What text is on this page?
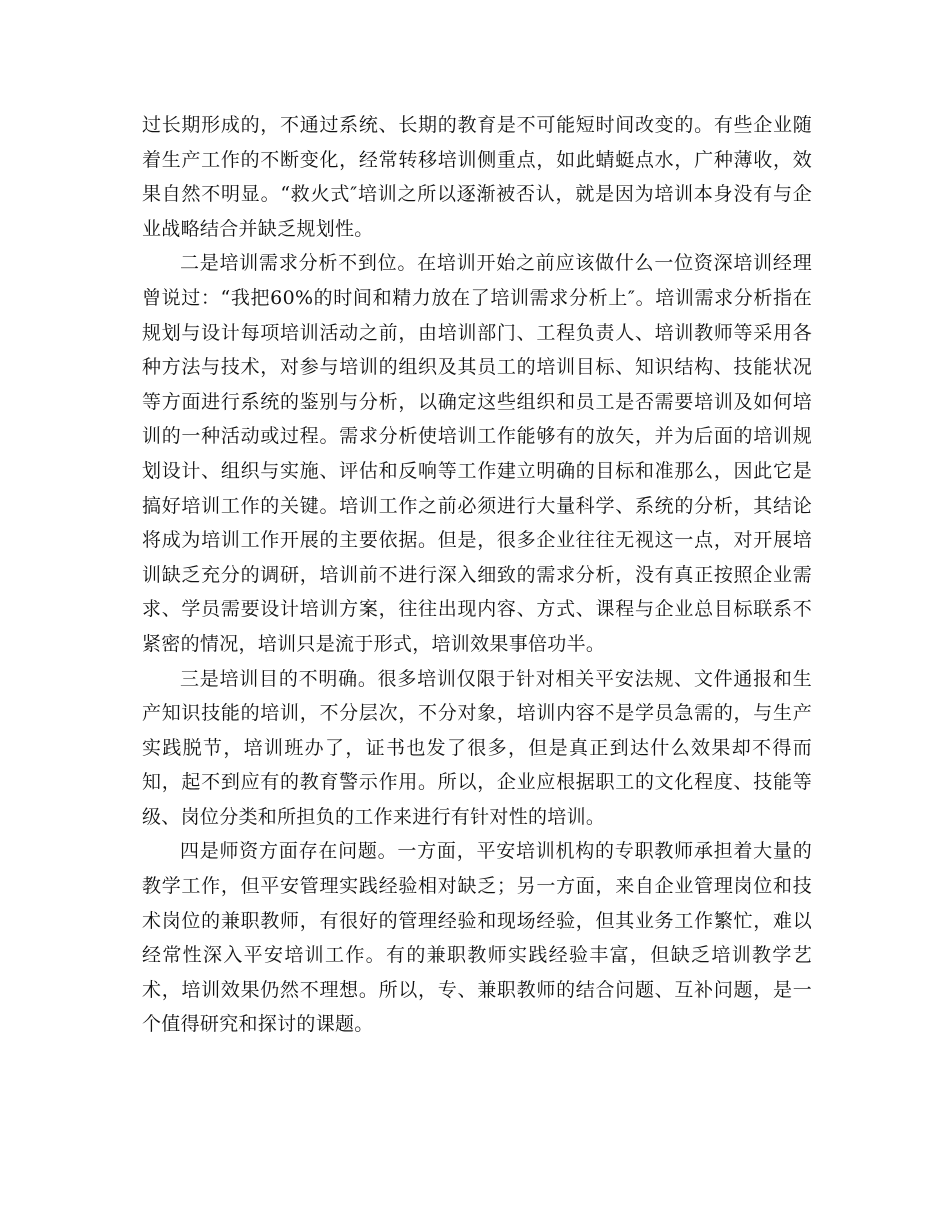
过长期形成的，不通过系统、长期的教育是不可能短时间改变的。有些企业随着生产工作的不断变化，经常转移培训侧重点，如此蜻蜓点水，广种薄收，效果自然不明显。“救火式″培训之所以逐渐被否认，就是因为培训本身没有与企业战略结合并缺乏规划性。

二是培训需求分析不到位。在培训开始之前应该做什么一位资深培训经理曾说过：“我把60%的时间和精力放在了培训需求分析上″。培训需求分析指在规划与设计每项培训活动之前，由培训部门、工程负责人、培训教师等采用各种方法与技术，对参与培训的组织及其员工的培训目标、知识结构、技能状况等方面进行系统的鉴别与分析，以确定这些组织和员工是否需要培训及如何培训的一种活动或过程。需求分析使培训工作能够有的放矢，并为后面的培训规划设计、组织与实施、评估和反响等工作建立明确的目标和准那么，因此它是搞好培训工作的关键。培训工作之前必须进行大量科学、系统的分析，其结论将成为培训工作开展的主要依据。但是，很多企业往往无视这一点，对开展培训缺乏充分的调研，培训前不进行深入细致的需求分析，没有真正按照企业需求、学员需要设计培训方案，往往出现内容、方式、课程与企业总目标联系不紧密的情况，培训只是流于形式，培训效果事倍功半。

三是培训目的不明确。很多培训仅限于针对相关平安法规、文件通报和生产知识技能的培训，不分层次，不分对象，培训内容不是学员急需的，与生产实践脱节，培训班办了，证书也发了很多，但是真正到达什么效果却不得而知，起不到应有的教育警示作用。所以，企业应根据职工的文化程度、技能等级、岗位分类和所担负的工作来进行有针对性的培训。

四是师资方面存在问题。一方面，平安培训机构的专职教师承担着大量的教学工作，但平安管理实践经验相对缺乏；另一方面，来自企业管理岗位和技术岗位的兼职教师，有很好的管理经验和现场经验，但其业务工作繁忙，难以经常性深入平安培训工作。有的兼职教师实践经验丰富，但缺乏培训教学艺术，培训效果仍然不理想。所以，专、兼职教师的结合问题、互补问题，是一个值得研究和探讨的课题。
